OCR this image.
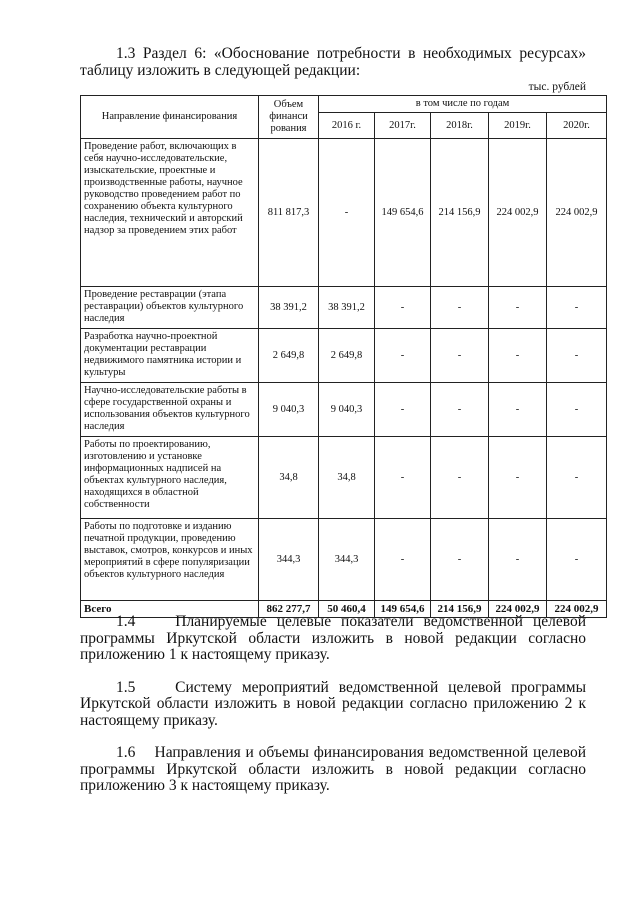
1.3 Раздел 6: «Обоснование потребности в необходимых ресурсах» таблицу изложить в следующей редакции:
тыс. рублей
Направление финансирования	Объем финанси рования	в том числе по годам				
		2016 г.	2017г.	2018г.	2019г.	2020г.
Проведение работ, включающих в себя научно-исследовательские, изыскательские, проектные и производственные работы, научное руководство проведением работ по сохранению объекта культурного наследия, технический и авторский надзор за проведением этих работ	811 817,3	-	149 654,6	214 156,9	224 002,9	224 002,9
Проведение реставрации (этапа реставрации) объектов культурного наследия	38 391,2	38 391,2	-	-	-	-
Разработка научно-проектной документации реставрации недвижимого памятника истории и культуры	2 649,8	2 649,8	-	-	-	-
Научно-исследовательские работы в сфере государственной охраны и использования объектов культурного наследия	9 040,3	9 040,3	-	-	-	-
Работы по проектированию, изготовлению и установке информационных надписей на объектах культурного наследия, находящихся в областной собственности	34,8	34,8	-	-	-	-
Работы по подготовке и изданию печатной продукции, проведению выставок, смотров, конкурсов и иных мероприятий в сфере популяризации объектов культурного наследия	344,3	344,3	-	-	-	-
Всего	862 277,7	50 460,4	149 654,6	214 156,9	224 002,9	224 002,9

1.4	Планируемые целевые показатели ведомственной целевой программы Иркутской области изложить в новой редакции согласно приложению 1 к настоящему приказу.

1.5	Систему мероприятий ведомственной целевой программы Иркутской области изложить в новой редакции согласно приложению 2 к настоящему приказу.

1.6 Направления и объемы финансирования ведомственной целевой программы Иркутской области изложить в новой редакции согласно приложению 3 к настоящему приказу.
